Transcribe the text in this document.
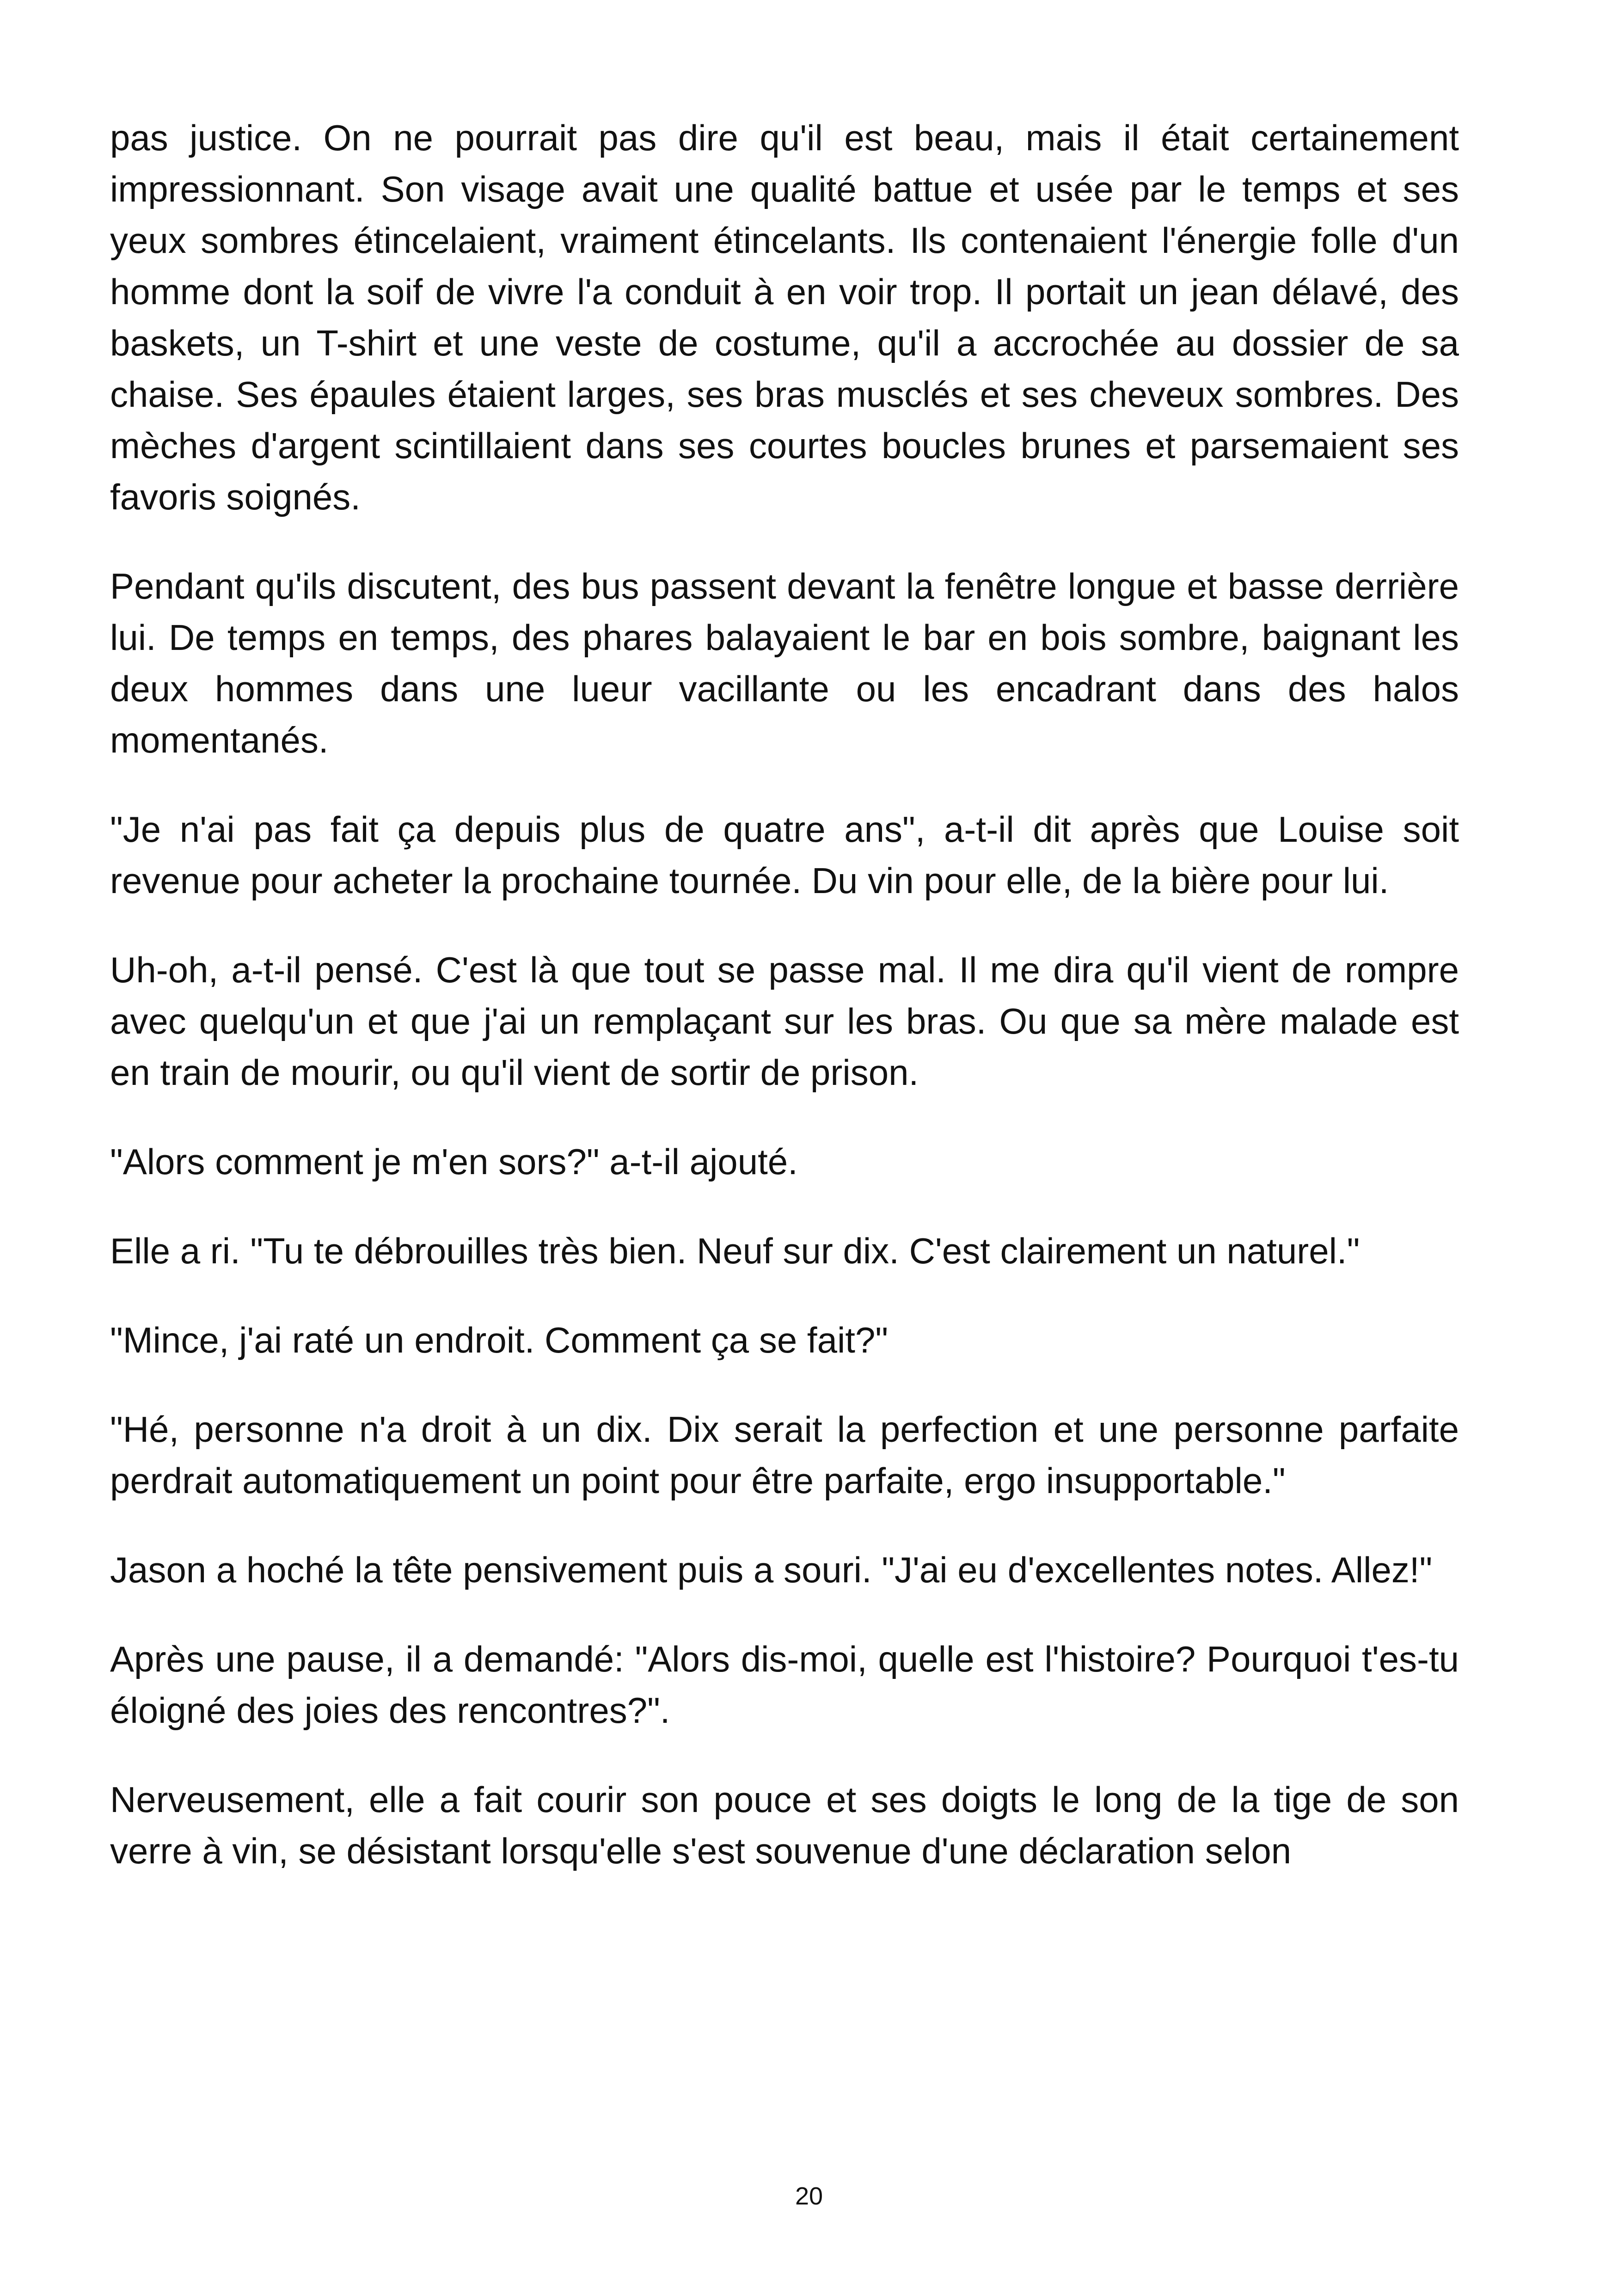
pas justice. On ne pourrait pas dire qu'il est beau, mais il était certainement impressionnant. Son visage avait une qualité battue et usée par le temps et ses yeux sombres étincelaient, vraiment étincelants. Ils contenaient l'énergie folle d'un homme dont la soif de vivre l'a conduit à en voir trop. Il portait un jean délavé, des baskets, un T-shirt et une veste de costume, qu'il a accrochée au dossier de sa chaise. Ses épaules étaient larges, ses bras musclés et ses cheveux sombres. Des mèches d'argent scintillaient dans ses courtes boucles brunes et parsemaient ses favoris soignés.

Pendant qu'ils discutent, des bus passent devant la fenêtre longue et basse derrière lui. De temps en temps, des phares balayaient le bar en bois sombre, baignant les deux hommes dans une lueur vacillante ou les encadrant dans des halos momentanés.

"Je n'ai pas fait ça depuis plus de quatre ans", a-t-il dit après que Louise soit revenue pour acheter la prochaine tournée. Du vin pour elle, de la bière pour lui.

Uh-oh, a-t-il pensé. C'est là que tout se passe mal. Il me dira qu'il vient de rompre avec quelqu'un et que j'ai un remplaçant sur les bras. Ou que sa mère malade est en train de mourir, ou qu'il vient de sortir de prison.

"Alors comment je m'en sors?" a-t-il ajouté.

Elle a ri. "Tu te débrouilles très bien. Neuf sur dix. C'est clairement un naturel."

"Mince, j'ai raté un endroit. Comment ça se fait?"

"Hé, personne n'a droit à un dix. Dix serait la perfection et une personne parfaite perdrait automatiquement un point pour être parfaite, ergo insupportable."

Jason a hoché la tête pensivement puis a souri. "J'ai eu d'excellentes notes. Allez!"

Après une pause, il a demandé: "Alors dis-moi, quelle est l'histoire? Pourquoi t'es-tu éloigné des joies des rencontres?".

Nerveusement, elle a fait courir son pouce et ses doigts le long de la tige de son verre à vin, se désistant lorsqu'elle s'est souvenue d'une déclaration selon

20
